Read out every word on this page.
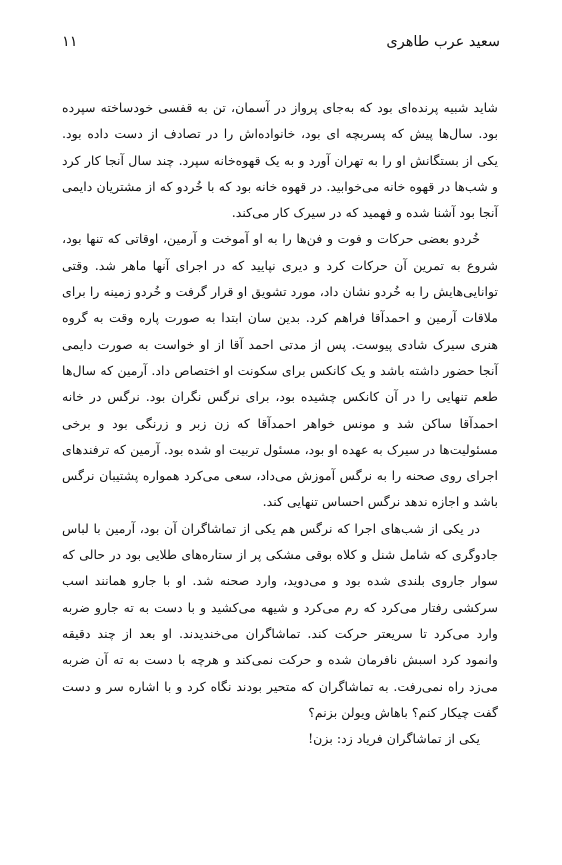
سعید عرب طاهری
۱۱

شاید شبیه پرنده‌ای بود که به‌جای پرواز در آسمان، تن به قفسی خودساخته سپرده بود. سال‌ها پیش که پسربچه ای بود، خانواده‌اش را در تصادف از دست داده بود. یکی از بستگانش او را به تهران آورد و به یک قهوه‌خانه سپرد. چند سال آنجا کار کرد و شب‌ها در قهوه خانه می‌خوابید. در قهوه خانه بود که با خُردو که از مشتریان دایمی آنجا بود آشنا شده و فهمید که در سیرک کار می‌کند.

خُردو بعضی حرکات و فوت و فن‌ها را به او آموخت و آرمین، اوقاتی که تنها بود، شروع به تمرین آن حرکات کرد و دیری نپایید که در اجرای آنها ماهر شد. وقتی توانایی‌هایش را به خُردو نشان داد، مورد تشویق او قرار گرفت و خُردو زمینه را برای ملاقات آرمین و احمدآقا فراهم کرد. بدین سان ابتدا به صورت پاره وقت به گروه هنری سیرک شادی پیوست. پس از مدتی احمد آقا از او خواست به صورت دایمی آنجا حضور داشته باشد و یک کانکس برای سکونت او اختصاص داد. آرمین که سال‌ها طعم تنهایی را در آن کانکس چشیده بود، برای نرگس نگران بود. نرگس در خانه احمدآقا ساکن شد و مونس خواهر احمدآقا که زن زبر و زرنگی بود و برخی مسئولیت‌ها در سیرک به عهده او بود، مسئول تربیت او شده بود. آرمین که ترفندهای اجرای روی صحنه را به نرگس آموزش می‌داد، سعی می‌کرد همواره پشتیبان نرگس باشد و اجازه ندهد نرگس احساس تنهایی کند.

در یکی از شب‌های اجرا که نرگس هم یکی از تماشاگران آن بود، آرمین با لباس جادوگری که شامل شنل و کلاه بوقی مشکی پر از ستاره‌های طلایی بود در حالی که سوار جاروی بلندی شده بود و می‌دوید، وارد صحنه شد. او با جارو همانند اسب سرکشی رفتار می‌کرد که رم می‌کرد و شیهه می‌کشید و با دست به ته جارو ضربه وارد می‌کرد تا سریعتر حرکت کند. تماشاگران می‌خندیدند. او بعد از چند دقیقه وانمود کرد اسبش نافرمان شده و حرکت نمی‌کند و هرچه با دست به ته آن ضربه می‌زد راه نمی‌رفت. به تماشاگران که متحیر بودند نگاه کرد و با اشاره سر و دست گفت چیکار کنم؟ باهاش ویولن بزنم؟

یکی از تماشاگران فریاد زد: بزن!
